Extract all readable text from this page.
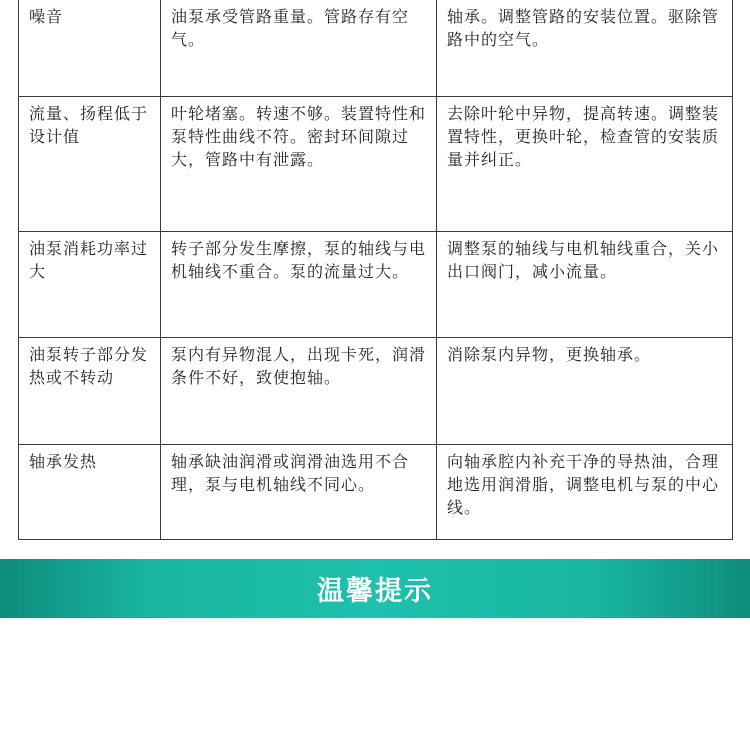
噪音	油泵承受管路重量。管路存有空气。	轴承。调整管路的安装位置。驱除管路中的空气。
流量、扬程低于设计值	叶轮堵塞。转速不够。装置特性和泵特性曲线不符。密封环间隙过大，管路中有泄露。	去除叶轮中异物，提高转速。调整装置特性，更换叶轮，检查管的安装质量并纠正。
油泵消耗功率过大	转子部分发生摩擦，泵的轴线与电机轴线不重合。泵的流量过大。	调整泵的轴线与电机轴线重合，关小出口阀门，减小流量。
油泵转子部分发热或不转动	泵内有异物混人，出现卡死，润滑条件不好，致使抱轴。	消除泵内异物，更换轴承。
轴承发热	轴承缺油润滑或润滑油选用不合理，泵与电机轴线不同心。	向轴承腔内补充干净的导热油，合理地选用润滑脂，调整电机与泵的中心线。
温馨提示
